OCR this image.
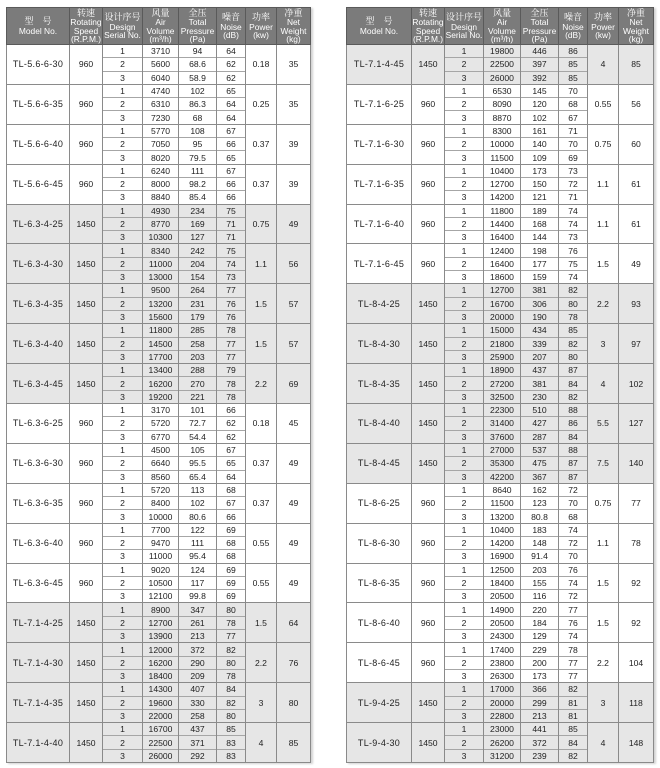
型　号
Model No.	转速
Rotating
Speed
(R.P.M.)	设计序号
Design
Serial No.	风量
Air
Volume
(m³/h)	全压
Total
Pressure
(Pa)	噪音
Noise
(dB)	功率
Power
(kw)	净重
Net
Weight
(kg)

TL-5.6-6-30	960	1	3710	94	64	0.18	35
		2	5600	68.6	62		
		3	6040	58.9	62		
TL-5.6-6-35	960	1	4740	102	65	0.25	35
		2	6310	86.3	64		
		3	7230	68	64		
TL-5.6-6-40	960	1	5770	108	67	0.37	39
		2	7050	95	66		
		3	8020	79.5	65		
TL-5.6-6-45	960	1	6240	111	67	0.37	39
		2	8000	98.2	66		
		3	8840	85.4	66		
TL-6.3-4-25	1450	1	4930	234	75	0.75	49
		2	8770	169	71		
		3	10300	127	71		
TL-6.3-4-30	1450	1	8340	242	75	1.1	56
		2	11000	204	74		
		3	13000	154	73		
TL-6.3-4-35	1450	1	9500	264	77	1.5	57
		2	13200	231	76		
		3	15600	179	76		
TL-6.3-4-40	1450	1	11800	285	78	1.5	57
		2	14500	258	77		
		3	17700	203	77		
TL-6.3-4-45	1450	1	13400	288	79	2.2	69
		2	16200	270	78		
		3	19200	221	78		
TL-6.3-6-25	960	1	3170	101	66	0.18	45
		2	5720	72.7	62		
		3	6770	54.4	62		
TL-6.3-6-30	960	1	4500	105	67	0.37	49
		2	6640	95.5	65		
		3	8560	65.4	64		
TL-6.3-6-35	960	1	5720	113	68	0.37	49
		2	8400	102	67		
		3	10000	80.6	66		
TL-6.3-6-40	960	1	7700	122	69	0.55	49
		2	9470	111	68		
		3	11000	95.4	68		
TL-6.3-6-45	960	1	9020	124	69	0.55	49
		2	10500	117	69		
		3	12100	99.8	69		
TL-7.1-4-25	1450	1	8900	347	80	1.5	64
		2	12700	261	78		
		3	13900	213	77		
TL-7.1-4-30	1450	1	12000	372	82	2.2	76
		2	16200	290	80		
		3	18400	209	78		
TL-7.1-4-35	1450	1	14300	407	84	3	80
		2	19600	330	82		
		3	22000	258	80		
TL-7.1-4-40	1450	1	16700	437	85	4	85
		2	22500	371	83		
		3	26000	292	83		
型　号
Model No.	转速
Rotating
Speed
(R.P.M.)	设计序号
Design
Serial No.	风量
Air
Volume
(m³/h)	全压
Total
Pressure
(Pa)	噪音
Noise
(dB)	功率
Power
(kw)	净重
Net
Weight
(kg)

TL-7.1-4-45	1450	1	19800	446	86	4	85
		2	22500	397	85		
		3	26000	392	85		
TL-7.1-6-25	960	1	6530	145	70	0.55	56
		2	8090	120	68		
		3	8870	102	67		
TL-7.1-6-30	960	1	8300	161	71	0.75	60
		2	10000	140	70		
		3	11500	109	69		
TL-7.1-6-35	960	1	10400	173	73	1.1	61
		2	12700	150	72		
		3	14200	121	71		
TL-7.1-6-40	960	1	11800	189	74	1.1	61
		2	14400	168	74		
		3	16400	144	73		
TL-7.1-6-45	960	1	12400	198	76	1.5	49
		2	16400	177	75		
		3	18600	159	74		
TL-8-4-25	1450	1	12700	381	82	2.2	93
		2	16700	306	80		
		3	20000	190	78		
TL-8-4-30	1450	1	15000	434	85	3	97
		2	21800	339	82		
		3	25900	207	80		
TL-8-4-35	1450	1	18900	437	87	4	102
		2	27200	381	84		
		3	32500	230	82		
TL-8-4-40	1450	1	22300	510	88	5.5	127
		2	31400	427	86		
		3	37600	287	84		
TL-8-4-45	1450	1	27000	537	88	7.5	140
		2	35300	475	87		
		3	42200	367	87		
TL-8-6-25	960	1	8640	162	72	0.75	77
		2	11500	123	70		
		3	13200	80.8	68		
TL-8-6-30	960	1	10400	183	74	1.1	78
		2	14200	148	72		
		3	16900	91.4	70		
TL-8-6-35	960	1	12500	203	76	1.5	92
		2	18400	155	74		
		3	20500	116	72		
TL-8-6-40	960	1	14900	220	77	1.5	92
		2	20500	184	76		
		3	24300	129	74		
TL-8-6-45	960	1	17400	229	78	2.2	104
		2	23800	200	77		
		3	26300	173	77		
TL-9-4-25	1450	1	17000	366	82	3	118
		2	20000	299	81		
		3	22800	213	81		
TL-9-4-30	1450	1	23000	441	85	4	148
		2	26200	372	84		
		3	31200	239	82		
